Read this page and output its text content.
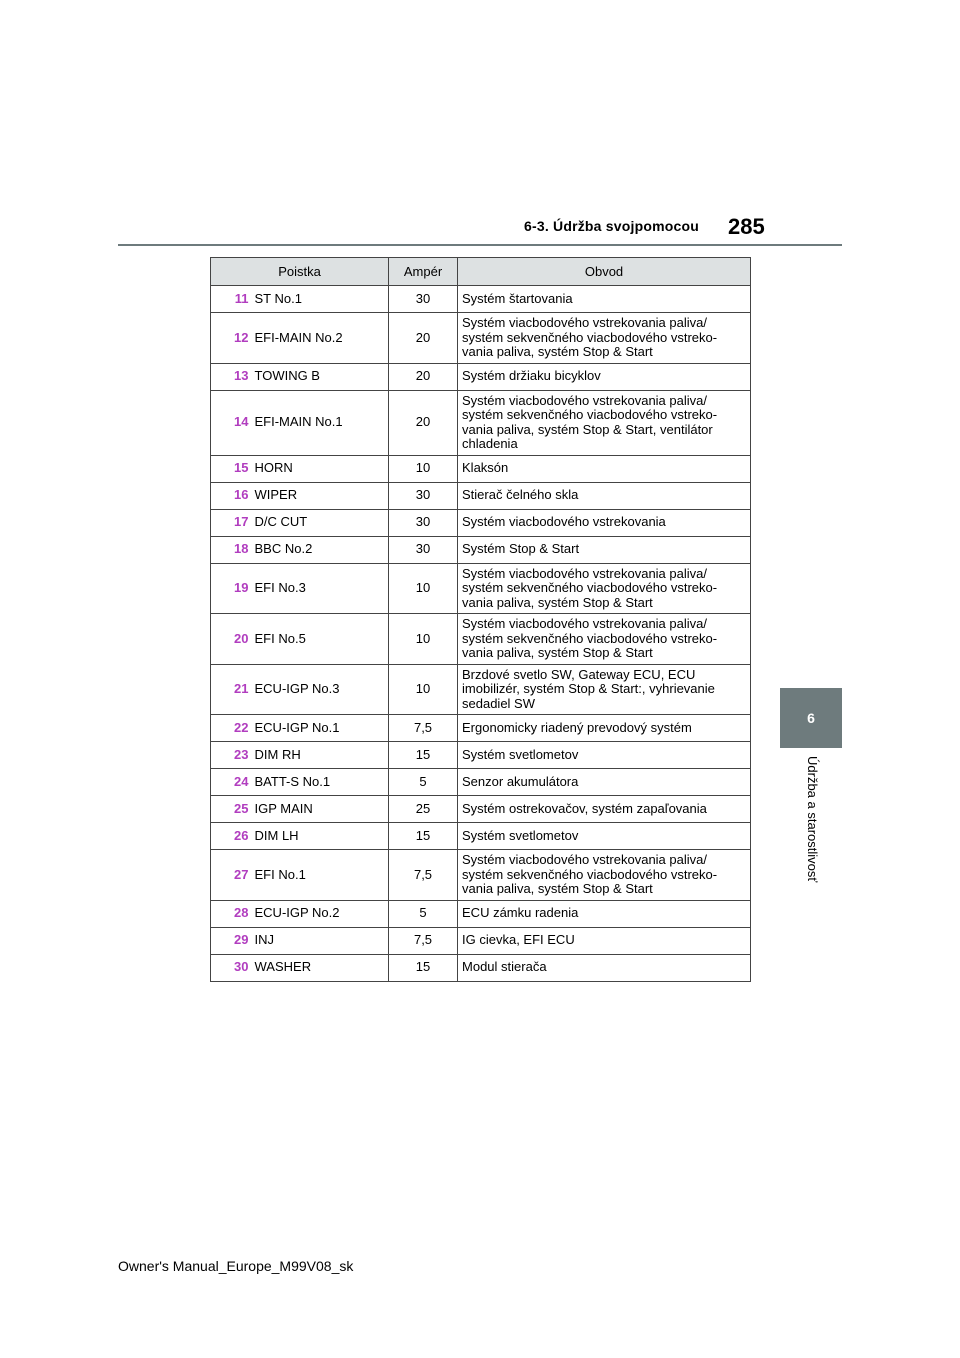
6-3. Údržba svojpomocou 285
6
Údržba a starostlivosť
Poistka		Ampér	Obvod
11	ST No.1	30	Systém štartovania
12	EFI-MAIN No.2	20	Systém viacbodového vstrekovania paliva/ systém sekvenčného viacbodového vstreko-vania paliva, systém Stop & Start
13	TOWING B	20	Systém držiaku bicyklov
14	EFI-MAIN No.1	20	Systém viacbodového vstrekovania paliva/ systém sekvenčného viacbodového vstreko-vania paliva, systém Stop & Start, ventilátor chladenia
15	HORN	10	Klaksón
16	WIPER	30	Stierač čelného skla
17	D/C CUT	30	Systém viacbodového vstrekovania
18	BBC No.2	30	Systém Stop & Start
19	EFI No.3	10	Systém viacbodového vstrekovania paliva/ systém sekvenčného viacbodového vstreko-vania paliva, systém Stop & Start
20	EFI No.5	10	Systém viacbodového vstrekovania paliva/ systém sekvenčného viacbodového vstreko-vania paliva, systém Stop & Start
21	ECU-IGP No.3	10	Brzdové svetlo SW, Gateway ECU, ECU imobilizér, systém Stop & Start:, vyhrievanie sedadiel SW
22	ECU-IGP No.1	7,5	Ergonomicky riadený prevodový systém
23	DIM RH	15	Systém svetlometov
24	BATT-S No.1	5	Senzor akumulátora
25	IGP MAIN	25	Systém ostrekovačov, systém zapaľovania
26	DIM LH	15	Systém svetlometov
27	EFI No.1	7,5	Systém viacbodového vstrekovania paliva/ systém sekvenčného viacbodového vstreko-vania paliva, systém Stop & Start
28	ECU-IGP No.2	5	ECU zámku radenia
29	INJ	7,5	IG cievka, EFI ECU
30	WASHER	15	Modul stierača
Owner's Manual_Europe_M99V08_sk
